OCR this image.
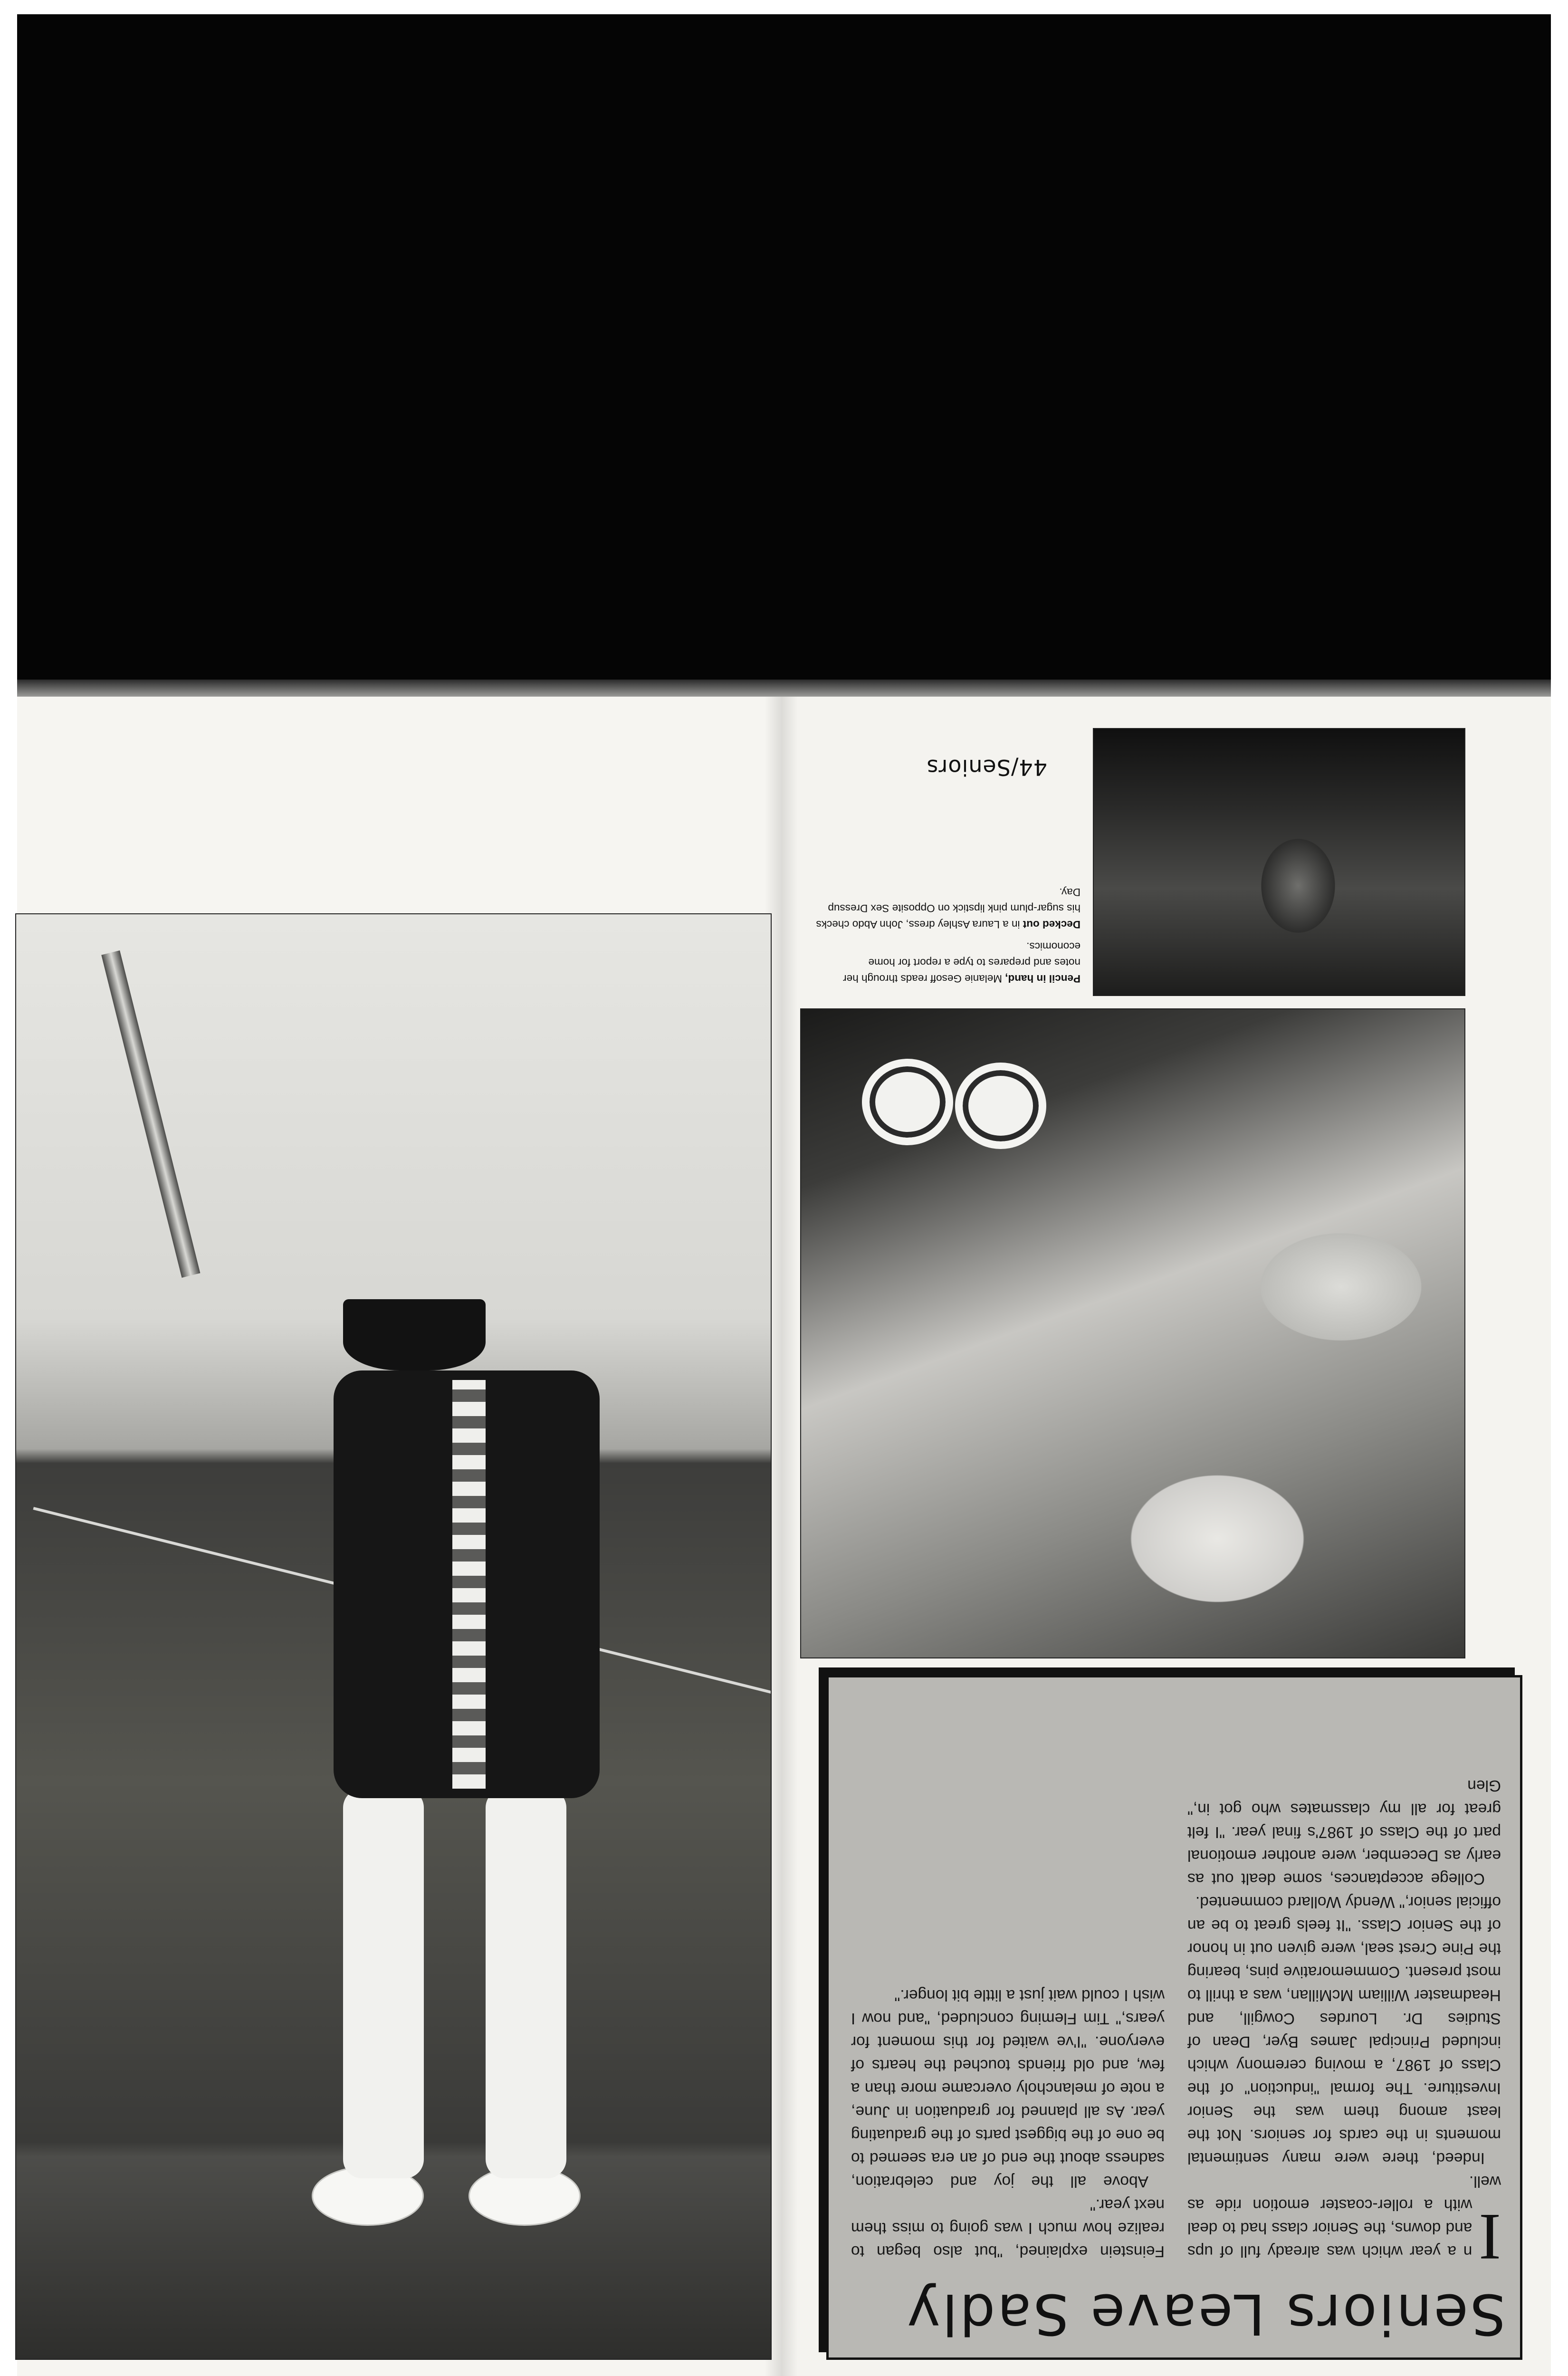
Seniors Leave Sadly

I
n a year which was already full of ups and downs, the Senior class had to deal with a roller-coaster emotion ride as well.

Indeed, there were many sentimental moments in the cards for seniors. Not the least among them was the Senior Investiture. The formal "induction" of the Class of 1987, a moving ceremony which included Principal James Byer, Dean of Studies Dr. Lourdes Cowgill, and Headmaster William McMillan, was a thrill to most present. Commemorative pins, bearing the Pine Crest seal, were given out in honor of the Senior Class. "It feels great to be an official senior," Wendy Wollard commented.

College acceptances, some dealt out as early as December, were another emotional part of the Class of 1987's final year. "I felt great for all my classmates who got in," Glen

Feinstein explained, "but also began to realize how much I was going to miss them next year."

Above all the joy and celebration, sadness about the end of an era seemed to be one of the biggest parts of the graduating year. As all planned for graduation in June, a note of melancholy overcame more than a few, and old friends touched the hearts of everyone. "I've waited for this moment for years," Tim Fleming concluded, "and now I wish I could wait just a little bit longer."

Pencil in hand, Melanie Gesoff reads through her notes and prepares to type a report for home economics.

Decked out in a Laura Ashley dress, John Abdo checks his sugar-plum pink lipstick on Opposite Sex Dressup Day.

44/Seniors
